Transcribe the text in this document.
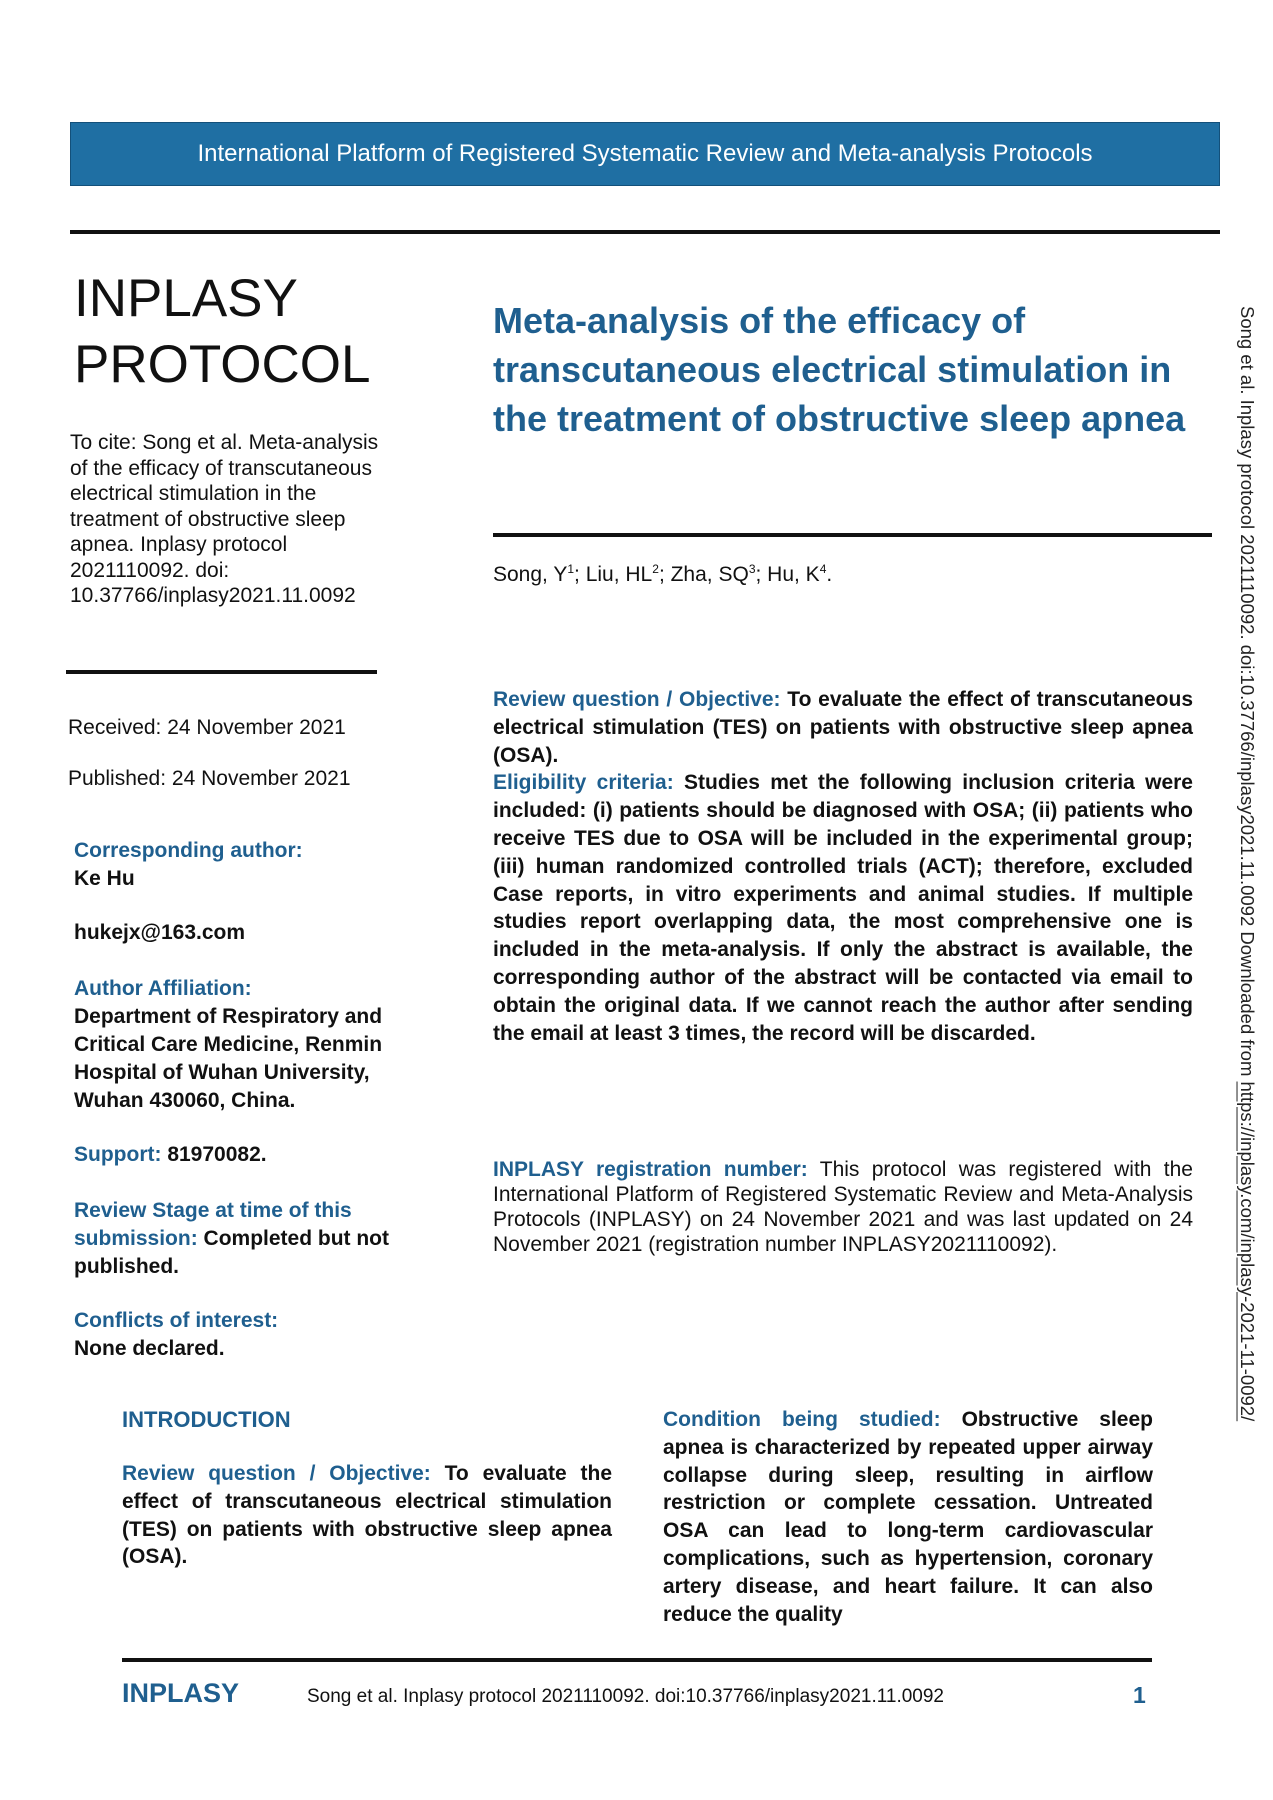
International Platform of Registered Systematic Review and Meta-analysis Protocols
INPLASY
PROTOCOL
To cite: Song et al. Meta-analysis of the efficacy of transcutaneous electrical stimulation in the treatment of obstructive sleep apnea. Inplasy protocol 2021110092. doi: 10.37766/inplasy2021.11.0092
Received: 24 November 2021
Published: 24 November 2021
Corresponding author:
Ke Hu
hukejx@163.com
Author Affiliation:
Department of Respiratory and Critical Care Medicine, Renmin Hospital of Wuhan University, Wuhan 430060, China.
Support: 81970082.
Review Stage at time of this submission: Completed but not published.
Conflicts of interest:
None declared.
Meta-analysis of the efficacy of transcutaneous electrical stimulation in the treatment of obstructive sleep apnea
Song, $Y^1$; Liu, $HL^2$; Zha, $SQ^3$; Hu, $K^4$.

Review question / Objective: To evaluate the effect of transcutaneous electrical stimulation (TES) on patients with obstructive sleep apnea (OSA).

Eligibility criteria: Studies met the following inclusion criteria were included: (i) patients should be diagnosed with OSA; (ii) patients who receive TES due to OSA will be included in the experimental group; (iii) human randomized controlled trials (ACT); therefore, excluded Case reports, in vitro experiments and animal studies. If multiple studies report overlapping data, the most comprehensive one is included in the meta-analysis. If only the abstract is available, the corresponding author of the abstract will be contacted via email to obtain the original data. If we cannot reach the author after sending the email at least 3 times, the record will be discarded.

INPLASY registration number: This protocol was registered with the International Platform of Registered Systematic Review and Meta-Analysis Protocols (INPLASY) on 24 November 2021 and was last updated on 24 November 2021 (registration number INPLASY2021110092).
INTRODUCTION
Review question / Objective: To evaluate the effect of transcutaneous electrical stimulation (TES) on patients with obstructive sleep apnea (OSA).
Condition being studied: Obstructive sleep apnea is characterized by repeated upper airway collapse during sleep, resulting in airflow restriction or complete cessation. Untreated OSA can lead to long-term cardiovascular complications, such as hypertension, coronary artery disease, and heart failure. It can also reduce the quality
Song et al. Inplasy protocol 2021110092. doi:10.37766/inplasy2021.11.0092 Downloaded from https://inplasy.com/inplasy-2021-11-0092/
INPLASY	Song et al. Inplasy protocol 2021110092. doi:10.37766/inplasy2021.11.0092	1
